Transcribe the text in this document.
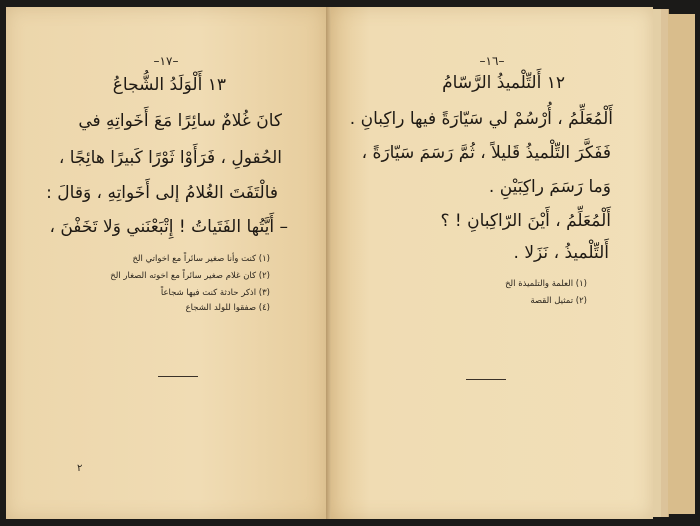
–١٧–
١٣ أَلْوَلَدُ الشُّجاعُ
كانَ غُلامٌ سائِرًا مَعَ أَخَواتِهِ في
الحُقولِ ، فَرَأَوْا ثَوْرًا كَبيرًا هائِجًا ،
فالْتَفَتَ الغُلامُ إلى أَخَواتِهِ ، وَقالَ :
– أَيَّتُها الفَتَياتُ ! إِتْبَعْنَني وَلا تَخَفْنَ ،
(١) كنت وأنا صغير سائراً مع اخواتي الخ
(٢) كان غلام صغير سائراً مع اخوته الصغار الخ
(٣) اذكر حادثة كنت فيها شجاعاً
(٤) صفقوا للولد الشجاع
٢
–١٦–
١٢ أَلتِّلْميذُ الرَّسّامُ
أَلْمُعَلِّمُ ، أُرْسُمْ لي سَيّارَةً فيها راكِبانِ .
فَفَكَّرَ التِّلْميذُ قَليلاً ، ثُمَّ رَسَمَ سَيّارَةً ،
وَما رَسَمَ راكِبَيْنِ .
أَلْمُعَلِّمُ ، أَيْنَ الرّاكِبانِ ! ؟
أَلتِّلْميذُ ، نَزَلا .
(١) العلمة والتلميذة الخ
(٢) تمثيل القصة
